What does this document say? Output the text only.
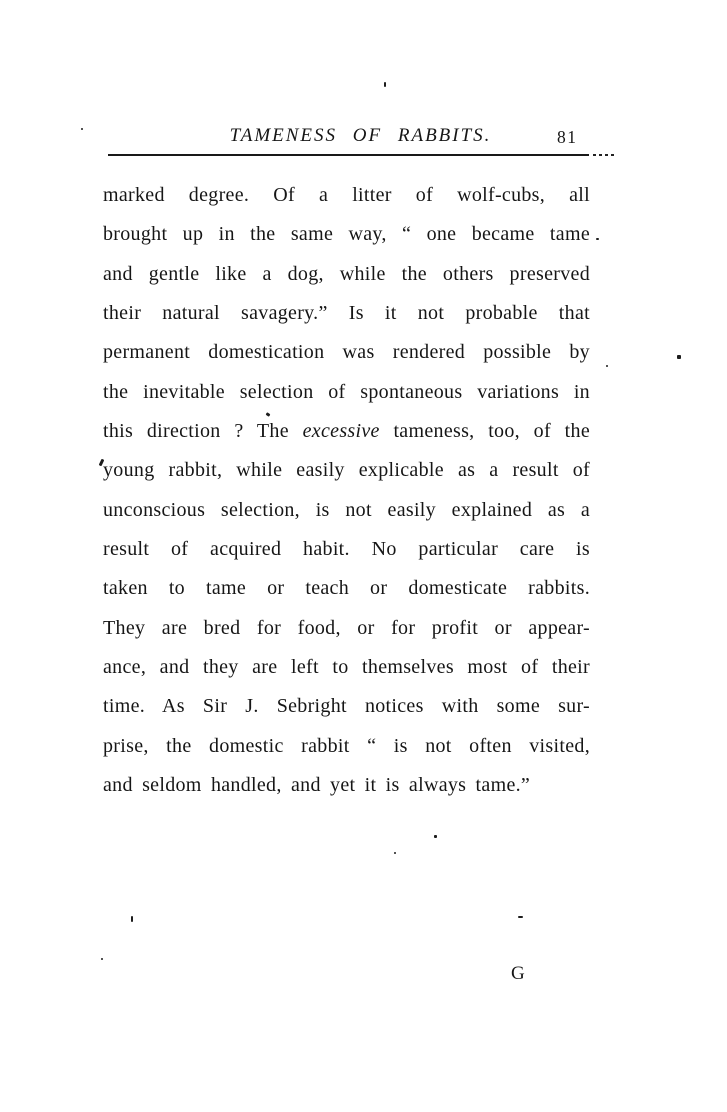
TAMENESS OF RABBITS.	81
marked degree. Of a litter of wolf-cubs, all
brought up in the same way, “ one became tame
and gentle like a dog, while the others preserved
their natural savagery.” Is it not probable that
permanent domestication was rendered possible by
the inevitable selection of spontaneous variations in
this direction ? The excessive tameness, too, of the
young rabbit, while easily explicable as a result of
unconscious selection, is not easily explained as a
result of acquired habit. No particular care is
taken to tame or teach or domesticate rabbits.
They are bred for food, or for profit or appear-
ance, and they are left to themselves most of their
time. As Sir J. Sebright notices with some sur-
prise, the domestic rabbit “ is not often visited,
and seldom handled, and yet it is always tame.”
G
